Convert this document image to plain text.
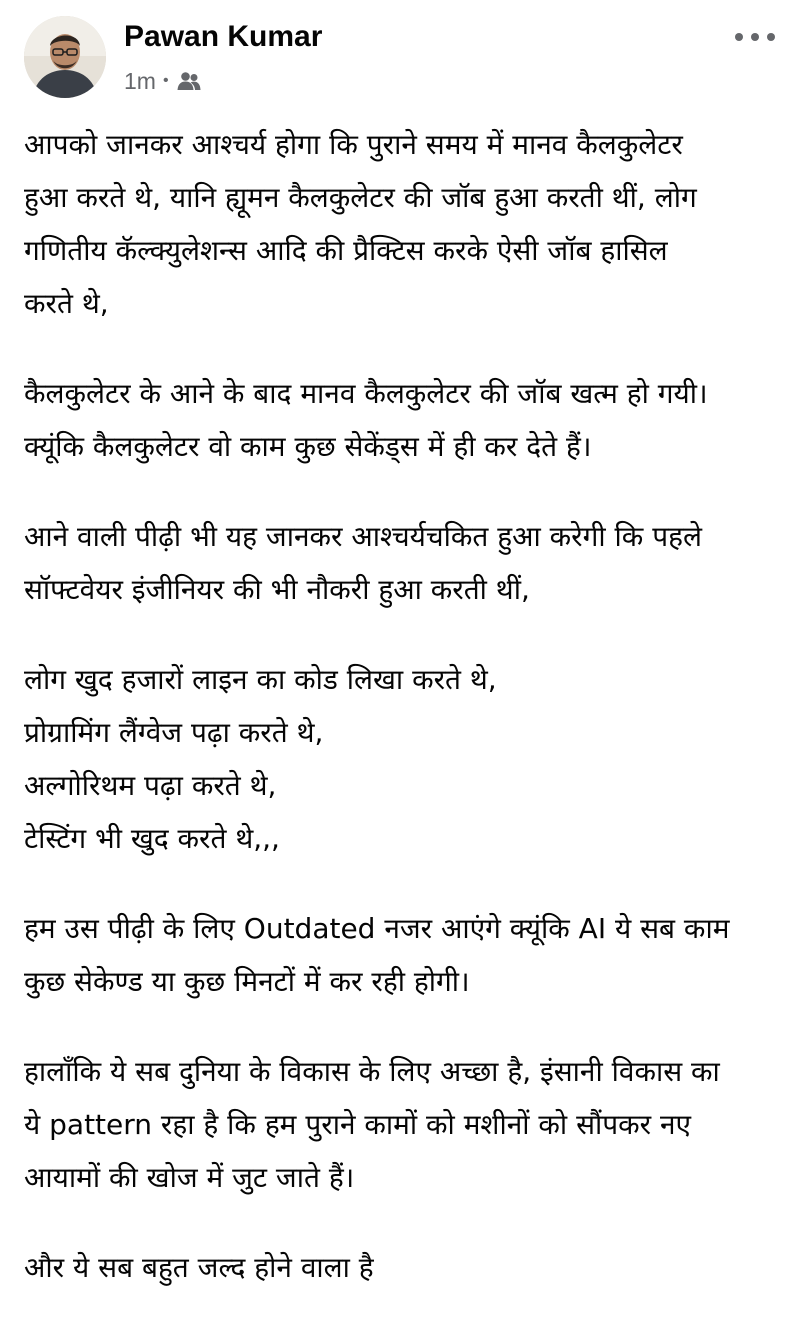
Pawan Kumar
1m •

आपको जानकर आश्चर्य होगा कि पुराने समय में मानव कैलकुलेटर
हुआ करते थे, यानि ह्यूमन कैलकुलेटर की जॉब हुआ करती थीं, लोग
गणितीय कॅल्क्युलेशन्स आदि की प्रैक्टिस करके ऐसी जॉब हासिल
करते थे,

कैलकुलेटर के आने के बाद मानव कैलकुलेटर की जॉब खत्म हो गयी।
क्यूंकि कैलकुलेटर वो काम कुछ सेकेंड्स में ही कर देते हैं।

आने वाली पीढ़ी भी यह जानकर आश्चर्यचकित हुआ करेगी कि पहले
सॉफ्टवेयर इंजीनियर की भी नौकरी हुआ करती थीं,

लोग खुद हजारों लाइन का कोड लिखा करते थे,
प्रोग्रामिंग लैंग्वेज पढ़ा करते थे,
अल्गोरिथम पढ़ा करते थे,
टेस्टिंग भी खुद करते थे,,,

हम उस पीढ़ी के लिए Outdated नजर आएंगे क्यूंकि AI ये सब काम
कुछ सेकेण्ड या कुछ मिनटों में कर रही होगी।

हालाँकि ये सब दुनिया के विकास के लिए अच्छा है, इंसानी विकास का
ये pattern रहा है कि हम पुराने कामों को मशीनों को सौंपकर नए
आयामों की खोज में जुट जाते हैं।

और ये सब बहुत जल्द होने वाला है
